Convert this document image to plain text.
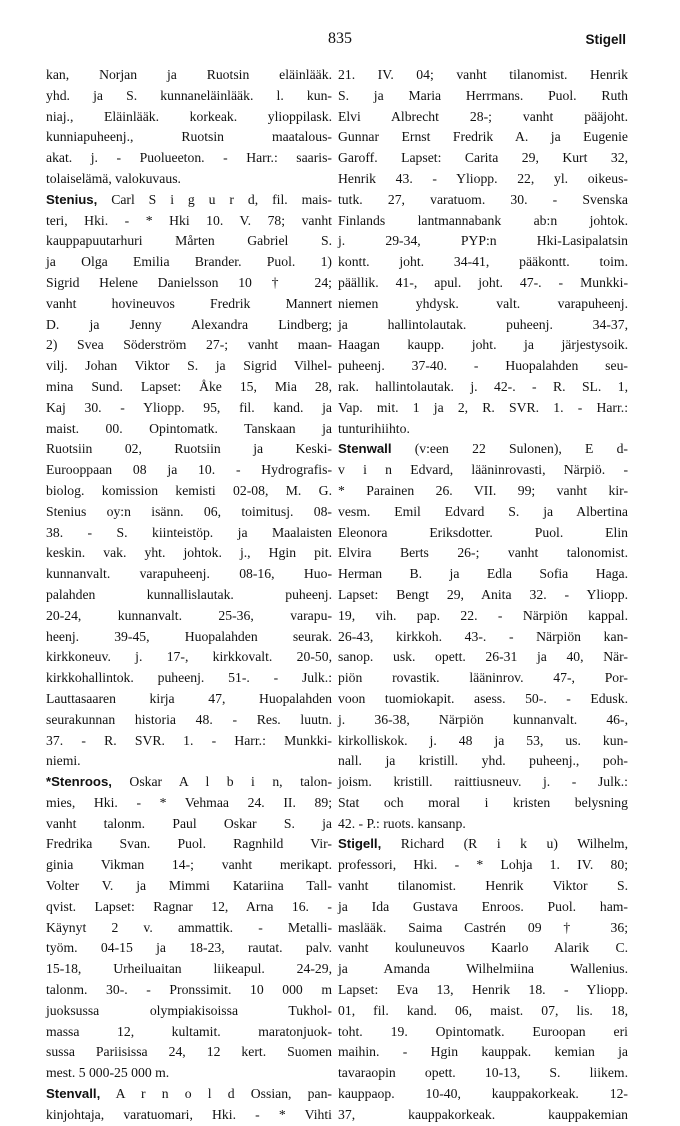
835	Stigell
kan, Norjan ja Ruotsin eläinlääk.
yhd. ja S. kunnaneläinlääk. l. kun-
niaj., Eläinlääk. korkeak. ylioppilask.
kunniapuheenj., Ruotsin maatalous-
akat. j. - Puolueeton. - Harr.: saaris-
tolaiselämä, valokuvaus.
Stenius, Carl S i g u r d, fil. mais-
teri, Hki. - * Hki 10. V. 78; vanht
kauppapuutarhuri Mårten Gabriel S.
ja Olga Emilia Brander. Puol. 1)
Sigrid Helene Danielsson 10 † 24;
vanht hovineuvos Fredrik Mannert
D. ja Jenny Alexandra Lindberg;
2) Svea Söderström 27-; vanht maan-
vilj. Johan Viktor S. ja Sigrid Vilhel-
mina Sund. Lapset: Åke 15, Mia 28,
Kaj 30. - Yliopp. 95, fil. kand. ja
maist. 00. Opintomatk. Tanskaan ja
Ruotsiin 02, Ruotsiin ja Keski-
Eurooppaan 08 ja 10. - Hydrografis-
biolog. komission kemisti 02-08, M. G.
Stenius oy:n isänn. 06, toimitusj. 08-
38. - S. kiinteistöp. ja Maalaisten
keskin. vak. yht. johtok. j., Hgin pit.
kunnanvalt. varapuheenj. 08-16, Huo-
palahden kunnallislautak. puheenj.
20-24, kunnanvalt. 25-36, varapu-
heenj. 39-45, Huopalahden seurak.
kirkkoneuv. j. 17-, kirkkovalt. 20-50,
kirkkohallintok. puheenj. 51-. - Julk.:
Lauttasaaren kirja 47, Huopalahden
seurakunnan historia 48. - Res. luutn.
37. - R. SVR. 1. - Harr.: Munkki-
niemi.
*Stenroos, Oskar A l b i n, talon-
mies, Hki. - * Vehmaa 24. II. 89;
vanht talonm. Paul Oskar S. ja
Fredrika Svan. Puol. Ragnhild Vir-
ginia Vikman 14-; vanht merikapt.
Volter V. ja Mimmi Katariina Tall-
qvist. Lapset: Ragnar 12, Arna 16. -
Käynyt 2 v. ammattik. - Metalli-
työm. 04-15 ja 18-23, rautat. palv.
15-18, Urheiluaitan liikeapul. 24-29,
talonm. 30-. - Pronssimit. 10 000 m
juoksussa olympiakisoissa Tukhol-
massa 12, kultamit. maratonjuok-
sussa Pariisissa 24, 12 kert. Suomen
mest. 5 000-25 000 m.
Stenvall, A r n o l d Ossian, pan-
kinjohtaja, varatuomari, Hki. - * Vihti
21. IV. 04; vanht tilanomist. Henrik
S. ja Maria Herrmans. Puol. Ruth
Elvi Albrecht 28-; vanht pääjoht.
Gunnar Ernst Fredrik A. ja Eugenie
Garoff. Lapset: Carita 29, Kurt 32,
Henrik 43. - Yliopp. 22, yl. oikeus-
tutk. 27, varatuom. 30. - Svenska
Finlands lantmannabank ab:n johtok.
j. 29-34, PYP:n Hki-Lasipalatsin
kontt. joht. 34-41, pääkontt. toim.
päällik. 41-, apul. joht. 47-. - Munkki-
niemen yhdysk. valt. varapuheenj.
ja hallintolautak. puheenj. 34-37,
Haagan kaupp. joht. ja järjestysoik.
puheenj. 37-40. - Huopalahden seu-
rak. hallintolautak. j. 42-. - R. SL. 1,
Vap. mit. 1 ja 2, R. SVR. 1. - Harr.:
tunturihiihto.
Stenwall (v:een 22 Sulonen), E d-
v i n Edvard, lääninrovasti, Närpiö. -
* Parainen 26. VII. 99; vanht kir-
vesm. Emil Edvard S. ja Albertina
Eleonora Eriksdotter. Puol. Elin
Elvira Berts 26-; vanht talonomist.
Herman B. ja Edla Sofia Haga.
Lapset: Bengt 29, Anita 32. - Yliopp.
19, vih. pap. 22. - Närpiön kappal.
26-43, kirkkoh. 43-. - Närpiön kan-
sanop. usk. opett. 26-31 ja 40, När-
piön rovastik. lääninrov. 47-, Por-
voon tuomiokapit. asess. 50-. - Edusk.
j. 36-38, Närpiön kunnanvalt. 46-,
kirkolliskok. j. 48 ja 53, us. kun-
nall. ja kristill. yhd. puheenj., poh-
joism. kristill. raittiusneuv. j. - Julk.:
Stat och moral i kristen belysning
42. - P.: ruots. kansanp.
Stigell, Richard (R i k u) Wilhelm,
professori, Hki. - * Lohja 1. IV. 80;
vanht tilanomist. Henrik Viktor S.
ja Ida Gustava Enroos. Puol. ham-
maslääk. Saima Castrén 09 † 36;
vanht kouluneuvos Kaarlo Alarik C.
ja Amanda Wilhelmiina Wallenius.
Lapset: Eva 13, Henrik 18. - Yliopp.
01, fil. kand. 06, maist. 07, lis. 18,
toht. 19. Opintomatk. Euroopan eri
maihin. - Hgin kauppak. kemian ja
tavaraopin opett. 10-13, S. liikem.
kauppaop. 10-40, kauppakorkeak. 12-
37, kauppakorkeak. kauppakemian
